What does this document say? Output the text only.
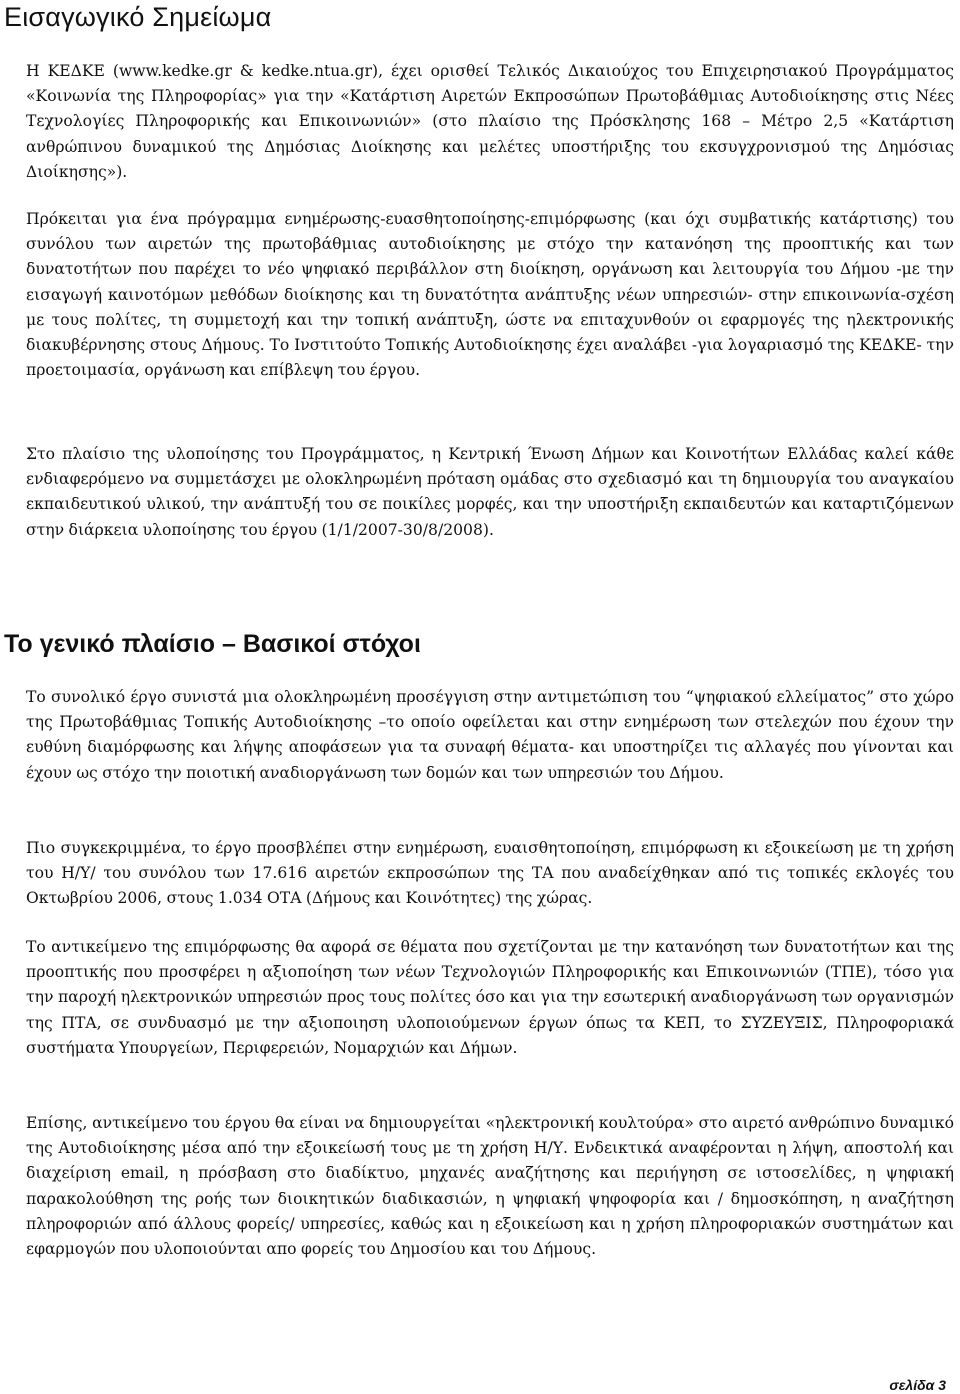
Εισαγωγικό Σημείωμα

Η ΚΕΔΚΕ (www.kedke.gr & kedke.ntua.gr), έχει ορισθεί Τελικός Δικαιούχος του Επιχειρησιακού Προγράμματος «Κοινωνία της Πληροφορίας» για την «Κατάρτιση Αιρετών Εκπροσώπων Πρωτοβάθμιας Αυτοδιοίκησης στις Νέες Τεχνολογίες Πληροφορικής και Επικοινωνιών» (στο πλαίσιο της Πρόσκλησης 168 – Μέτρο 2,5 «Κατάρτιση ανθρώπινου δυναμικού της Δημόσιας Διοίκησης και μελέτες υποστήριξης του εκσυγχρονισμού της Δημόσιας Διοίκησης»).

Πρόκειται για ένα πρόγραμμα ενημέρωσης-ευασθητοποίησης-επιμόρφωσης (και όχι συμβατικής κατάρτισης) του συνόλου των αιρετών της πρωτοβάθμιας αυτοδιοίκησης με στόχο την κατανόηση της προοπτικής και των δυνατοτήτων που παρέχει το νέο ψηφιακό περιβάλλον στη διοίκηση, οργάνωση και λειτουργία του Δήμου -με την εισαγωγή καινοτόμων μεθόδων διοίκησης και τη δυνατότητα ανάπτυξης νέων υπηρεσιών- στην επικοινωνία-σχέση με τους πολίτες, τη συμμετοχή και την τοπική ανάπτυξη, ώστε να επιταχυνθούν οι εφαρμογές της ηλεκτρονικής διακυβέρνησης στους Δήμους. Το Ινστιτούτο Τοπικής Αυτοδιοίκησης έχει αναλάβει -για λογαριασμό της ΚΕΔΚΕ- την προετοιμασία, οργάνωση και επίβλεψη του έργου.

Στο πλαίσιο της υλοποίησης του Προγράμματος, η Κεντρική Ένωση Δήμων και Κοινοτήτων Ελλάδας καλεί κάθε ενδιαφερόμενο να συμμετάσχει με ολοκληρωμένη πρόταση ομάδας στο σχεδιασμό και τη δημιουργία του αναγκαίου εκπαιδευτικού υλικού, την ανάπτυξή του σε ποικίλες μορφές, και την υποστήριξη εκπαιδευτών και καταρτιζόμενων στην διάρκεια υλοποίησης του έργου (1/1/2007-30/8/2008).

Το γενικό πλαίσιο – Βασικοί στόχοι

Το συνολικό έργο συνιστά μια ολοκληρωμένη προσέγγιση στην αντιμετώπιση του “ψηφιακού ελλείματος” στο χώρο της Πρωτοβάθμιας Τοπικής Αυτοδιοίκησης –το οποίο οφείλεται και στην ενημέρωση των στελεχών που έχουν την ευθύνη διαμόρφωσης και λήψης αποφάσεων για τα συναφή θέματα- και υποστηρίζει τις αλλαγές που γίνονται και έχουν ως στόχο την ποιοτική αναδιοργάνωση των δομών και των υπηρεσιών του Δήμου.

Πιο συγκεκριμμένα, το έργο προσβλέπει στην ενημέρωση, ευαισθητοποίηση, επιμόρφωση κι εξοικείωση με τη χρήση του Η/Υ/ του συνόλου των 17.616 αιρετών εκπροσώπων της ΤΑ που αναδείχθηκαν από τις τοπικές εκλογές του Οκτωβρίου 2006, στους 1.034 ΟΤΑ (Δήμους και Κοινότητες) της χώρας.

Το αντικείμενο της επιμόρφωσης θα αφορά σε θέματα που σχετίζονται με την κατανόηση των δυνατοτήτων και της προοπτικής που προσφέρει η αξιοποίηση των νέων Τεχνολογιών Πληροφορικής και Επικοινωνιών (ΤΠΕ), τόσο για την παροχή ηλεκτρονικών υπηρεσιών προς τους πολίτες όσο και για την εσωτερική αναδιοργάνωση των οργανισμών της ΠΤΑ, σε συνδυασμό με την αξιοποιηση υλοποιούμενων έργων όπως τα ΚΕΠ, το ΣΥΖΕΥΞΙΣ, Πληροφοριακά συστήματα Υπουργείων, Περιφερειών, Νομαρχιών και Δήμων.

Επίσης, αντικείμενο του έργου θα είναι να δημιουργείται «ηλεκτρονική κουλτούρα» στο αιρετό ανθρώπινο δυναμικό της Αυτοδιοίκησης μέσα από την εξοικείωσή τους με τη χρήση Η/Υ. Ενδεικτικά αναφέρονται η λήψη, αποστολή και διαχείριση email, η πρόσβαση στο διαδίκτυο, μηχανές αναζήτησης και περιήγηση σε ιστοσελίδες, η ψηφιακή παρακολούθηση της ροής των διοικητικών διαδικασιών, η ψηφιακή ψηφοφορία και / δημοσκόπηση, η αναζήτηση πληροφοριών από άλλους φορείς/ υπηρεσίες, καθώς και η εξοικείωση και η χρήση πληροφοριακών συστημάτων και εφαρμογών που υλοποιούνται απο φορείς του Δημοσίου και του Δήμους.

σελίδα 3
